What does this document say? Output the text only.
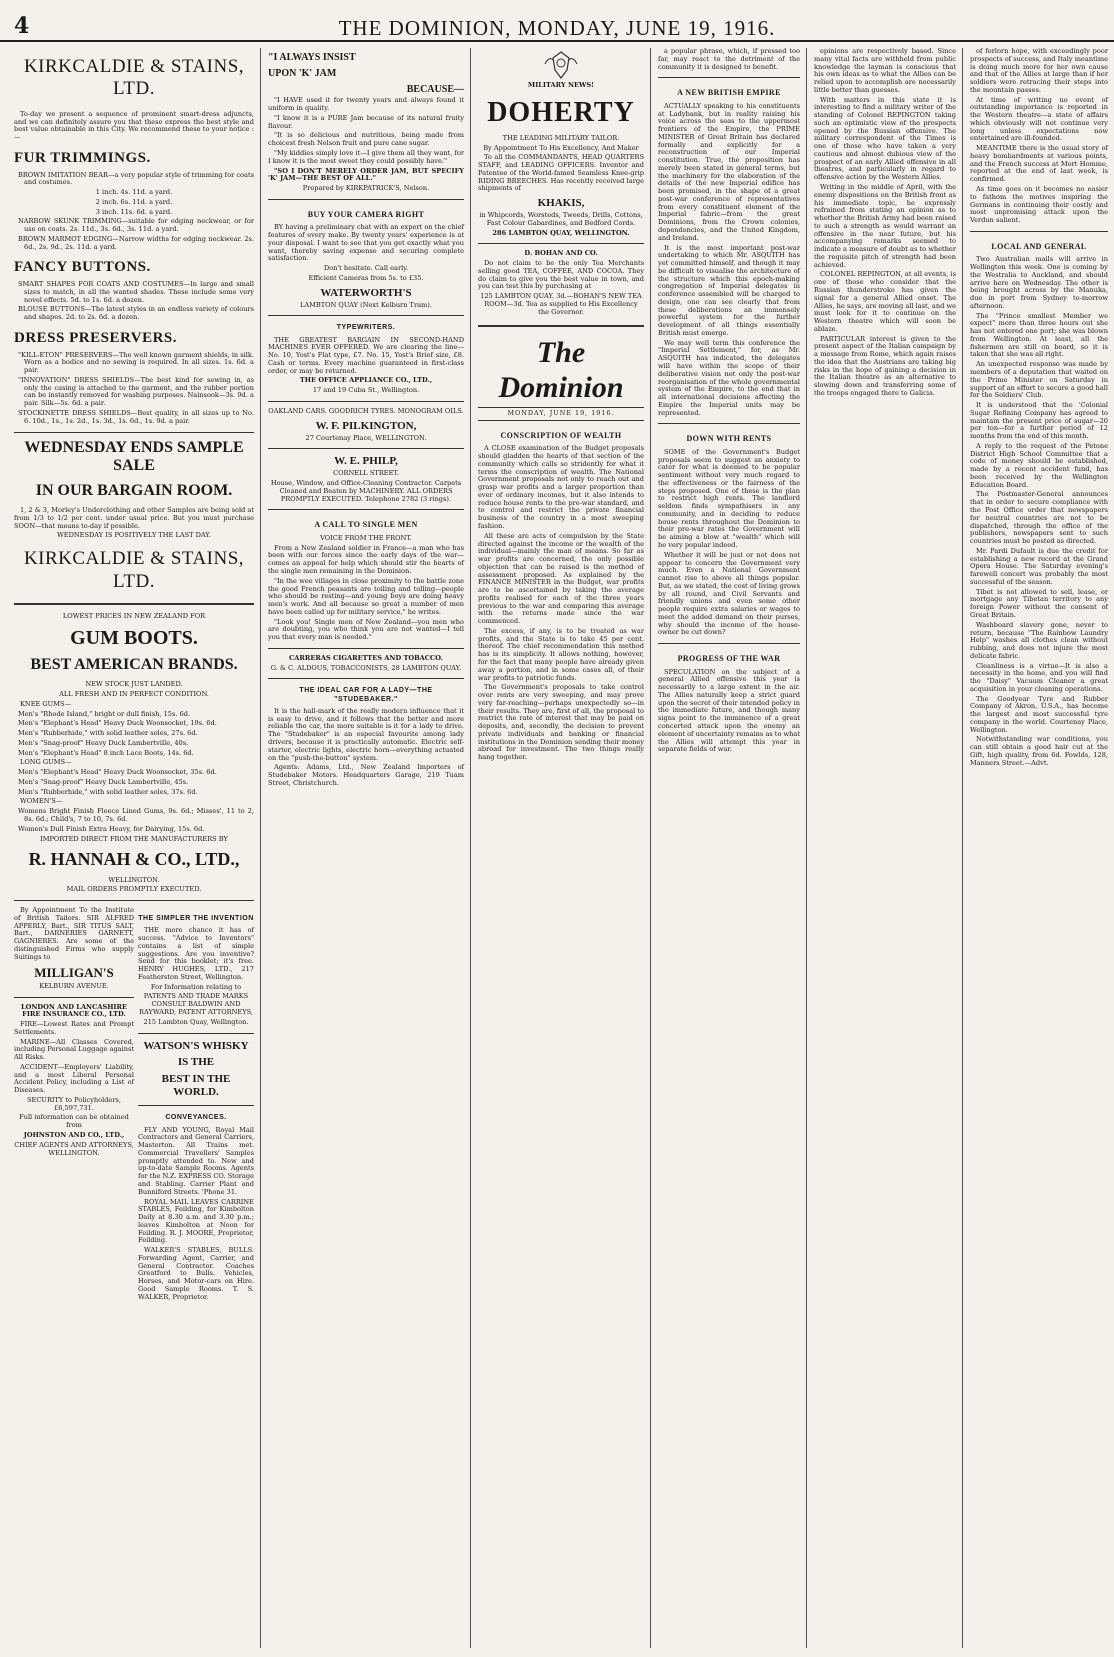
4	THE DOMINION, MONDAY, JUNE 19, 1916.
KIRKCALDIE & STAINS, LTD.

To-day we present a sequence of prominent smart-dress adjuncts, and we can definitely assure you that these express the best style and best value obtainable in this City. We recommend these to your notice :—

FUR TRIMMINGS.

BROWN IMITATION BEAR—a very popular style of trimming for coats and costumes.

1 inch. 4s. 11d. a yard.

2 inch. 6s. 11d. a yard.

3 inch. 11s. 6d. a yard.

NARROW SKUNK TRIMMING—suitable for edging neckwear, or for use on coats. 2s. 11d., 3s. 6d., 3s. 11d. a yard.

BROWN MARMOT EDGING—Narrow widths for edging neckwear. 2s. 6d., 2s. 9d., 2s. 11d. a yard.

FANCY BUTTONS.

SMART SHAPES FOR COATS AND COSTUMES—In large and small sizes to match, in all the wanted shades. These include some very novel effects. 5d. to 1s. 6d. a dozen.

BLOUSE BUTTONS—The latest styles in an endless variety of colours and shapes. 2d. to 2s. 6d. a dozen.

DRESS PRESERVERS.

"KILL-ETON" PRESERVERS—The well known garment shields, in silk. Worn as a bodice and no sewing is required. In all sizes. 1s. 6d. a pair.

"INNOVATION" DRESS SHIELDS—The best kind for sewing in, as only the casing is attached to the garment, and the rubber portion can be instantly removed for washing purposes. Nainsook—3s. 9d. a pair. Silk—5s. 6d. a pair.

STOCKINETTE DRESS SHIELDS—Best quality, in all sizes up to No. 6. 10d., 1s., 1s. 2d., 1s. 3d., 1s. 6d., 1s. 9d. a pair.

WEDNESDAY ENDS SAMPLE SALE
IN OUR BARGAIN ROOM.

1, 2 & 3, Morley's Underclothing and other Samples are being sold at from 1/3 to 1/2 per cent. under usual price. But you must purchase SOON—that means to-day if possible.

WEDNESDAY IS POSITIVELY THE LAST DAY.

KIRKCALDIE & STAINS, LTD.

LOWEST PRICES IN NEW ZEALAND FOR

GUM BOOTS.
BEST AMERICAN BRANDS.

NEW STOCK JUST LANDED.

ALL FRESH AND IN PERFECT CONDITION.

KNEE GUMS—

Men's "Rhode Island," bright or dull finish, 15s. 6d.

Men's "Elephant's Head" Heavy Duck Woonsocket, 19s. 6d.

Men's "Rubberhide," with solid leather soles, 27s. 6d.

Men's "Snag-proof" Heavy Duck Lambertville, 40s.

Men's "Elephant's Head" 8 inch Lace Boots, 14s. 6d.

LONG GUMS—

Men's "Elephant's Head" Heavy Duck Woonsocket, 35s. 6d.

Men's "Snag-proof" Heavy Duck Lambertville, 45s.

Men's "Rubberhide," with solid leather soles, 37s. 6d.

WOMEN'S—

Womens Bright Finish Fleece Lined Gums, 9s. 6d.; Misses', 11 to 2, 8s. 6d.; Child's, 7 to 10, 7s. 6d.

Women's Dull Finish Extra Heavy, for Dairying, 15s. 6d.

IMPORTED DIRECT FROM THE MANUFACTURERS BY

R. HANNAH & CO., LTD.,

WELLINGTON.

MAIL ORDERS PROMPTLY EXECUTED.

By Appointment To the Institute of British Tailors. SIR ALFRED APPERLY, Bart., SIR TITUS SALT, Bart., DARNERIES GARNETT, GAGNIERES. Are some of the distinguished Firms who supply Suitings to

MILLIGAN'S

KELBURN AVENUE.

LONDON AND LANCASHIRE FIRE INSURANCE CO., LTD.

FIRE—Lowest Rates and Prompt Settlements.

MARINE—All Classes Covered, including Personal Luggage against All Risks.

ACCIDENT—Employers' Liability, and a most Liberal Personal Accident Policy, including a List of Diseases.

SECURITY to Policyholders, £6,597,731.

Full information can be obtained from

JOHNSTON AND CO., LTD.,

CHIEF AGENTS AND ATTORNEYS, WELLINGTON.

THE SIMPLER THE INVENTION

THE more chance it has of success. "Advice to Inventors" contains a list of simple suggestions. Are you inventive? Send for this booklet; it's free. HENRY HUGHES, LTD., 217 Featherston Street, Wellington.

For Information relating to

PATENTS AND TRADE MARKS CONSULT BALDWIN AND RAYWARD, PATENT ATTORNEYS,

215 Lambton Quay, Wellington.

WATSON'S WHISKY
IS THE
BEST IN THE WORLD.
CONVEYANCES.

FLY AND YOUNG, Royal Mail Contractors and General Carriers, Masterton. All Trains met. Commercial Travellers' Samples promptly attended to. New and up-to-date Sample Rooms. Agents for the N.Z. EXPRESS CO. Storage and Stabling. Carrier Plant and Bunniford Streets. 'Phone 31.

ROYAL MAIL LEAVES CARRINE STABLES, Feilding, for Kimbolton Daily at 8.30 a.m. and 3.30 p.m.; leaves Kimbolton at Noon for Feilding. R. J. MOORE, Proprietor, Feilding.

WALKER'S STABLES, BULLS. Forwarding Agent, Carrier, and General Contractor. Coaches Greatford to Bulls. Vehicles, Horses, and Motor-cars on Hire. Good Sample Rooms. T. S. WALKER, Proprietor.

"I ALWAYS INSIST
UPON 'K' JAM
BECAUSE—

"I HAVE used it for twenty years and always found it uniform in quality.

"I know it is a PURE Jam because of its natural fruity flavour.

"It is so delicious and nutritious, being made from choicest fresh Nelson fruit and pure cane sugar.

"My kiddies simply love it—I give them all they want, for I know it is the most sweet they could possibly have."

"SO I DON'T MERELY ORDER JAM, BUT SPECIFY 'K' JAM—THE BEST OF ALL."

Prepared by KIRKPATRICK'S, Nelson.

BUY YOUR CAMERA RIGHT

BY having a preliminary chat with an expert on the chief features of every make. By twenty years' experience is at your disposal. I want to see that you get exactly what you want, thereby saving expense and securing complete satisfaction.

Don't hesitate. Call early.

Efficient Cameras from 5s. to £35.

WATERWORTH'S

LAMBTON QUAY (Next Kelburn Tram).

TYPEWRITERS.

THE GREATEST BARGAIN IN SECOND-HAND MACHINES EVER OFFERED. We are clearing the line—No. 10, Yost's Flat type, £7. No. 15, Yost's Brief size, £8. Cash or terms. Every machine guaranteed in first-class order, or may be returned.

THE OFFICE APPLIANCE CO., LTD.,

17 and 19 Cuba St., Wellington.

OAKLAND CARS. GOODRICH TYRES. MONOGRAM OILS.

W. F. PILKINGTON,

27 Courtenay Place, WELLINGTON.

W. E. PHILP,

CORNELL STREET.

House, Window, and Office-Cleaning Contractor. Carpets Cleaned and Beaten by MACHINERY. ALL ORDERS PROMPTLY EXECUTED. Telephone 2782 (3 rings).

A CALL TO SINGLE MEN

VOICE FROM THE FRONT.

From a New Zealand soldier in France—a man who has been with our forces since the early days of the war—comes an appeal for help which should stir the hearts of the single men remaining in the Dominion.

"In the wee villages in close proximity to the battle zone the good French peasants are toiling and tolling—people who should be resting—and young boys are doing heavy men's work. And all because so great a number of men have been called up for military service," he writes.

"Look you! Single men of New Zealand—you men who are doubting, you who think you are not wanted—I tell you that every man is needed."

CARRERAS CIGARETTES AND TOBACCO.

G. & C. ALDOUS, TOBACCONISTS, 28 LAMBTON QUAY.

THE IDEAL CAR FOR A LADY—THE "STUDEBAKER."

It is the hall-mark of the really modern influence that it is easy to drive, and it follows that the better and more reliable the car, the more suitable is it for a lady to drive. The "Studebaker" is an especial favourite among lady drivers, because it is practically automatic. Electric self-starter, electric lights, electric horn—everything actuated on the "push-the-button" system.

Agents: Adams, Ltd., New Zealand Importers of Studebaker Motors. Headquarters Garage, 219 Tuam Street, Christchurch.

MILITARY NEWS!

DOHERTY

THE LEADING MILITARY TAILOR.

By Appointment To His Excellency, And Maker

To all the COMMANDANTS, HEAD QUARTERS STAFF, and LEADING OFFICERS. Inventor and Patentee of the World-famed Seamless Knee-grip RIDING BREECHES. Has recently received large shipments of

KHAKIS,

in Whipcords, Worsteds, Tweeds, Drills, Cottons, Fast Colour Gabardines, and Bedford Cords.

286 LAMBTON QUAY, WELLINGTON.

D. BOHAN AND CO.

Do not claim to be the only Tea Merchants selling good TEA, COFFEE, AND COCOA. They do claim to give you the best value in town, and you can test this by purchasing at

125 LAMBTON QUAY. 3d.—BOHAN'S NEW TEA ROOM—3d. Tea as supplied to His Excellency the Governor.

The Dominion
MONDAY, JUNE 19, 1916.
CONSCRIPTION OF WEALTH

A CLOSE examination of the Budget proposals should gladden the hearts of that section of the community which calls so stridently for what it terms the conscription of wealth. The National Government proposals not only to reach out and grasp war profits and a larger proportion than ever of ordinary incomes, but it also intends to reduce house rents to the pre-war standard, and to control and restrict the private financial business of the country in a most sweeping fashion.

All these are acts of compulsion by the State directed against the income or the wealth of the individual—mainly the man of means. So far as war profits are concerned, the only possible objection that can be raised is the method of assessment proposed. As explained by the FINANCE MINISTER in the Budget, war profits are to be ascertained by taking the average profits realised for each of the three years previous to the war and comparing this average with the returns made since the war commenced.

The excess, if any, is to be treated as war profits, and the State is to take 45 per cent. thereof. The chief recommendation this method has is its simplicity. It allows nothing, however, for the fact that many people have already given away a portion, and in some cases all, of their war profits to patriotic funds.

The Government's proposals to take control over rents are very sweeping, and may prove very far-reaching—perhaps unexpectedly so—in their results. They are, first of all, the proposal to restrict the rate of interest that may be paid on deposits, and, secondly, the decision to prevent private individuals and banking or financial institutions in the Dominion sending their money abroad for investment. The two things really hang together.

a popular phrase, which, if pressed too far, may react to the detriment of the community it is designed to benefit.

A NEW BRITISH EMPIRE

ACTUALLY speaking to his constituents at Ladybank, but in reality raising his voice across the seas to the uppermost frontiers of the Empire, the PRIME MINISTER of Great Britain has declared formally and explicitly for a reconstruction of our Imperial constitution. True, the proposition has merely been stated in general terms, but the machinery for the elaboration of the details of the new Imperial edifice has been promised, in the shape of a great post-war conference of representatives from every constituent element of the Imperial fabric—from the great Dominions, from the Crown colonies, dependencies, and the United Kingdom, and Ireland.

It is the most important post-war undertaking to which Mr. ASQUITH has yet committed himself, and though it may be difficult to visualise the architecture of the structure which this epoch-making congregation of Imperial delegates in conference assembled will be charged to design, one can see clearly that from these deliberations an immensely powerful system for the further development of all things essentially British must emerge.

We may well term this conference the "Imperial Settlement," for, as Mr. ASQUITH has indicated, the delegates will have within the scope of their deliberative vision not only the post-war reorganisation of the whole governmental system of the Empire, to the end that in all international decisions affecting the Empire the Imperial units may be represented.

DOWN WITH RENTS

SOME of the Government's Budget proposals seem to suggest an anxiety to cater for what is deemed to be popular sentiment without very much regard to the effectiveness or the fairness of the steps proposed. One of these is the plan to restrict high rents. The landlord seldom finds sympathisers in any community, and in deciding to reduce house rents throughout the Dominion to their pre-war rates the Government will be aiming a blow at "wealth" which will be very popular indeed.

Whether it will be just or not does not appear to concern the Government very much. Even a National Government cannot rise to above all things popular. But, as we stated, the cost of living grows by all round, and Civil Servants and friendly unions and even some other people require extra salaries or wages to meet the added demand on their purses, why should the income of the house-owner be cut down?

PROGRESS OF THE WAR

SPECULATION on the subject of a general Allied offensive this year is necessarily to a large extent in the air. The Allies naturally keep a strict guard upon the secret of their intended policy in the immediate future, and though many signs point to the imminence of a great concerted attack upon the enemy an element of uncertainty remains as to what the Allies will attempt this year in separate fields of war.

epinions are respectively based. Since many vital facts are withheld from public knowledge the layman is conscious that his own ideas as to what the Allies can be relied upon to accomplish are necessarily little better than guesses.

With matters in this state it is interesting to find a military writer of the standing of Colonel REPINGTON taking such an optimistic view of the prospects opened by the Russian offensive. The military correspondent of the Times is one of those who have taken a very cautious and almost dubious view of the prospect of an early Allied offensive in all theatres, and particularly in regard to offensive action by the Western Allies.

Writing in the middle of April, with the enemy dispositions on the British front as his immediate topic, he expressly refrained from stating an opinion as to whether the British Army had been raised to such a strength as would warrant an offensive in the near future, but his accompanying remarks seemed to indicate a measure of doubt as to whether the requisite pitch of strength had been achieved.

COLONEL REPINGTON, at all events, is one of those who consider that the Russian thunderstroke has given the signal for a general Allied onset. The Allies, he says, are moving all last, and we must look for it to continue on the Western theatre which will soon be ablaze.

PARTICULAR interest is given to the present aspect of the Italian campaign by a message from Rome, which again raises the idea that the Austrians are taking big risks in the hope of gaining a decision in the Italian theatre as an alternative to slowing down and transferring some of the troops engaged there to Galicia.

of forlorn hope, with exceedingly poor prospects of success, and Italy meantime is doing much more for her own cause and that of the Allies at large than if her soldiers were retracing their steps into the mountain passes.

At time of writing no event of outstanding importance is reported in the Western theatre—a state of affairs which obviously will not continue very long unless expectations now entertained are ill-founded.

MEANTIME there is the usual story of heavy bombardments at various points, and the French success at Mort Homme, reported at the end of last week, is confirmed.

As time goes on it becomes no easier to fathom the motives inspiring the Germans in continuing their costly and most unpromising attack upon the Verdun salient.

LOCAL AND GENERAL

Two Australian mails will arrive in Wellington this week. One is coming by the Westralia to Auckland, and should arrive here on Wednesday. The other is being brought across by the Manuka, due in port from Sydney to-morrow afternoon.

The "Prince smallest Member we expect" more than three hours out she has not entered one port; she was blown from Wellington. At least, all the fishermen are still on board, so it is taken that she was all right.

An unexpected response was made by members of a deputation that waited on the Prime Minister on Saturday in support of an effort to secure a good hall for the Soldiers' Club.

It is understood that the 'Colonial Sugar Refining Company has agreed to maintain the present price of sugar—20 per ton—for a further period of 12 months from the end of this month.

A reply to the request of the Petone District High School Committee that a code of money should be established, made by a recent accident fund, has been received by the Wellington Education Board.

The Postmaster-General announces that in order to secure compliance with the Post Office order that newspapers for neutral countries are not to be dispatched, through the office of the publishers, newspapers sent to such countries must be posted as directed.

Mr. Pardi Dufault is due the credit for establishing a new record at the Grand Opera House. The Saturday evening's farewell concert was probably the most successful of the season.

Tibet is not allowed to sell, lease, or mortgage any Tibetan territory to any foreign Power without the consent of Great Britain.

Washboard slavery gone, never to return, because "The Rainbow Laundry Help" washes all clothes clean without rubbing, and does not injure the most delicate fabric.

Cleanliness is a virtue—It is also a necessity in the home, and you will find the "Daisy" Vacuum Cleaner a great acquisition in your cleaning operations.

The Goodyear Tyre and Rubber Company of Akron, U.S.A., has become the largest and most successful tyre company in the world. Courtenay Place, Wellington.

Notwithstanding war conditions, you can still obtain a good hair cut at the Gift, high quality, from 6d. Fowlds, 128, Manners Street.—Advt.
